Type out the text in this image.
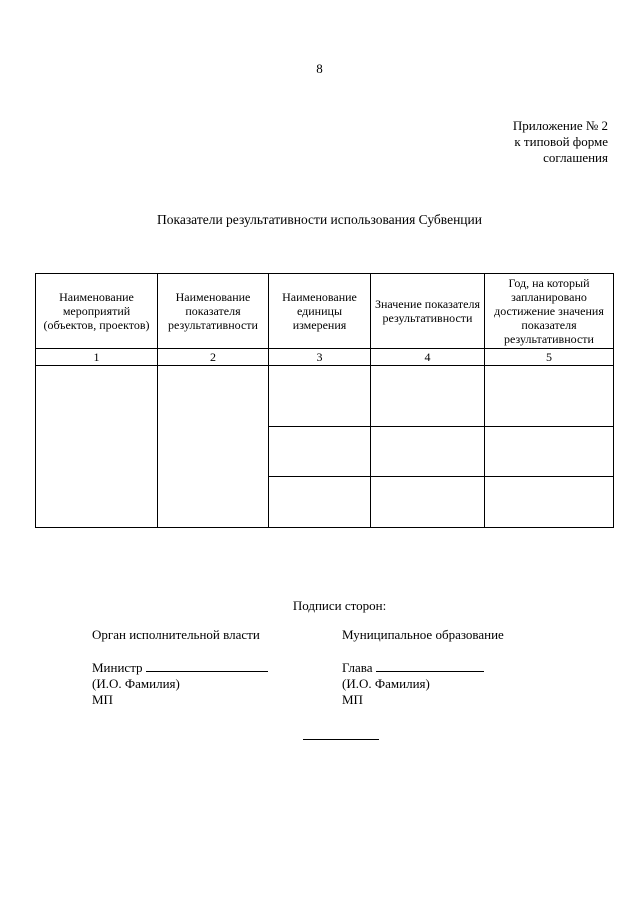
8
Приложение № 2
к типовой форме
соглашения
Показатели результативности использования Субвенции
Наименование мероприятий (объектов, проектов)	Наименование показателя результативности	Наименование единицы измерения	Значение показателя результативности	Год, на который запланировано достижение значения показателя результативности
1	2	3	4	5

Подписи сторон:
Орган исполнительной власти
Министр
(И.О. Фамилия)
МП
Муниципальное образование
Глава
(И.О. Фамилия)
МП
